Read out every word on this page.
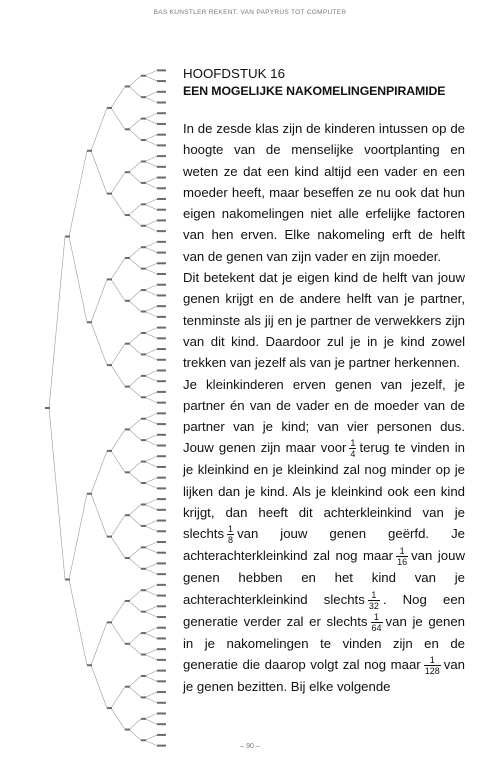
BAS KUNSTLER REKENT. VAN PAPYRUS TOT COMPUTER
HOOFDSTUK 16
EEN MOGELIJKE NAKOMELINGENPIRAMIDE

In de zesde klas zijn de kinderen intussen op de hoogte van de menselijke voortplanting en weten ze dat een kind altijd een vader en een moeder heeft, maar beseffen ze nu ook dat hun eigen nakomelingen niet alle erfelijke factoren van hen erven. Elke nakomeling erft de helft van de genen van zijn vader en zijn moeder.

Dit betekent dat je eigen kind de helft van jouw genen krijgt en de andere helft van je partner, tenminste als jij en je partner de verwekkers zijn van dit kind. Daardoor zul je in je kind zowel trekken van jezelf als van je partner herkennen.

Je kleinkinderen erven genen van jezelf, je partner én van de vader en de moeder van de partner van je kind; van vier personen dus. Jouw genen zijn maar voor $\frac{1}{4}$ terug te vinden in je kleinkind en je kleinkind zal nog minder op je lijken dan je kind. Als je kleinkind ook een kind krijgt, dan heeft dit achterkleinkind van je slechts $\frac{1}{8}$ van jouw genen geërfd. Je achterachterkleinkind zal nog maar $\frac{1}{16}$ van jouw genen hebben en het kind van je achterachterkleinkind slechts $\frac{1}{32}$ . Nog een generatie verder zal er slechts $\frac{1}{64}$ van je genen in je nakomelingen te vinden zijn en de generatie die daarop volgt zal nog maar $\frac{1}{128}$ van je genen bezitten. Bij elke volgende

– 90 –
